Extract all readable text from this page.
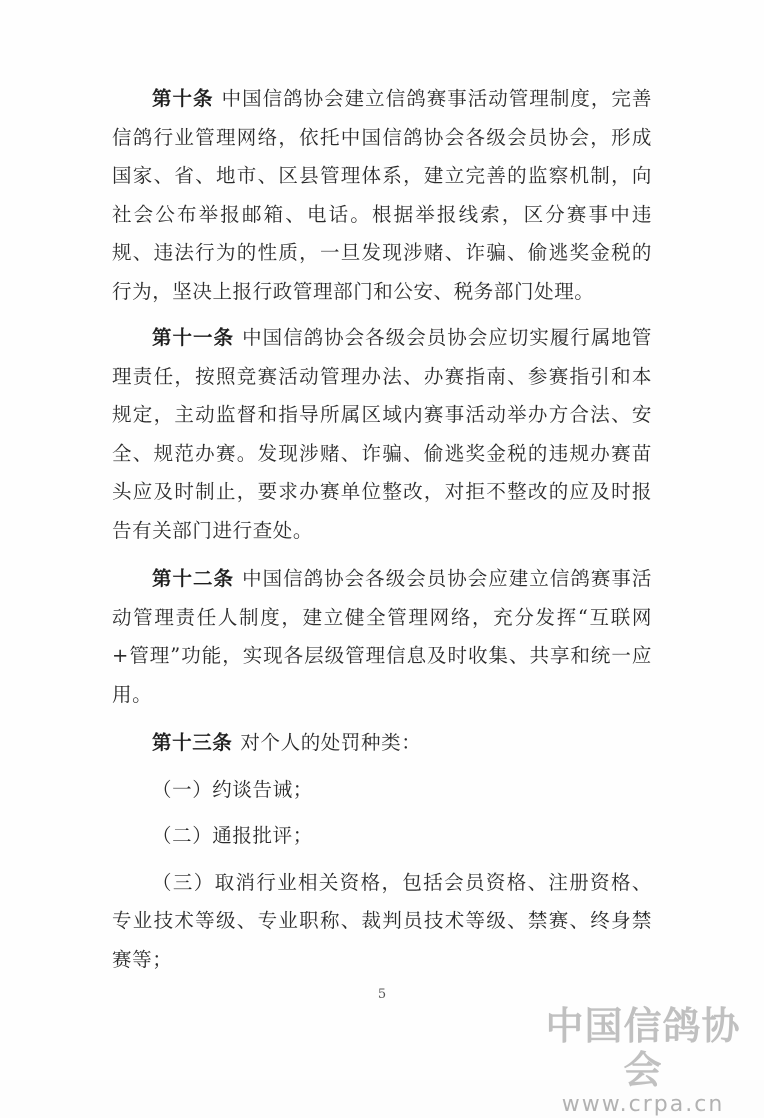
第十条 中国信鸽协会建立信鸽赛事活动管理制度，完善信鸽行业管理网络，依托中国信鸽协会各级会员协会，形成国家、省、地市、区县管理体系，建立完善的监察机制，向社会公布举报邮箱、电话。根据举报线索，区分赛事中违规、违法行为的性质，一旦发现涉赌、诈骗、偷逃奖金税的行为，坚决上报行政管理部门和公安、税务部门处理。

第十一条 中国信鸽协会各级会员协会应切实履行属地管理责任，按照竞赛活动管理办法、办赛指南、参赛指引和本规定，主动监督和指导所属区域内赛事活动举办方合法、安全、规范办赛。发现涉赌、诈骗、偷逃奖金税的违规办赛苗头应及时制止，要求办赛单位整改，对拒不整改的应及时报告有关部门进行查处。

第十二条 中国信鸽协会各级会员协会应建立信鸽赛事活动管理责任人制度，建立健全管理网络，充分发挥“互联网+管理”功能，实现各层级管理信息及时收集、共享和统一应用。

第十三条 对个人的处罚种类：

（一）约谈告诫；

（二）通报批评；

（三）取消行业相关资格，包括会员资格、注册资格、专业技术等级、专业职称、裁判员技术等级、禁赛、终身禁赛等；

5
中国信鸽协会
www.crpa.cn
